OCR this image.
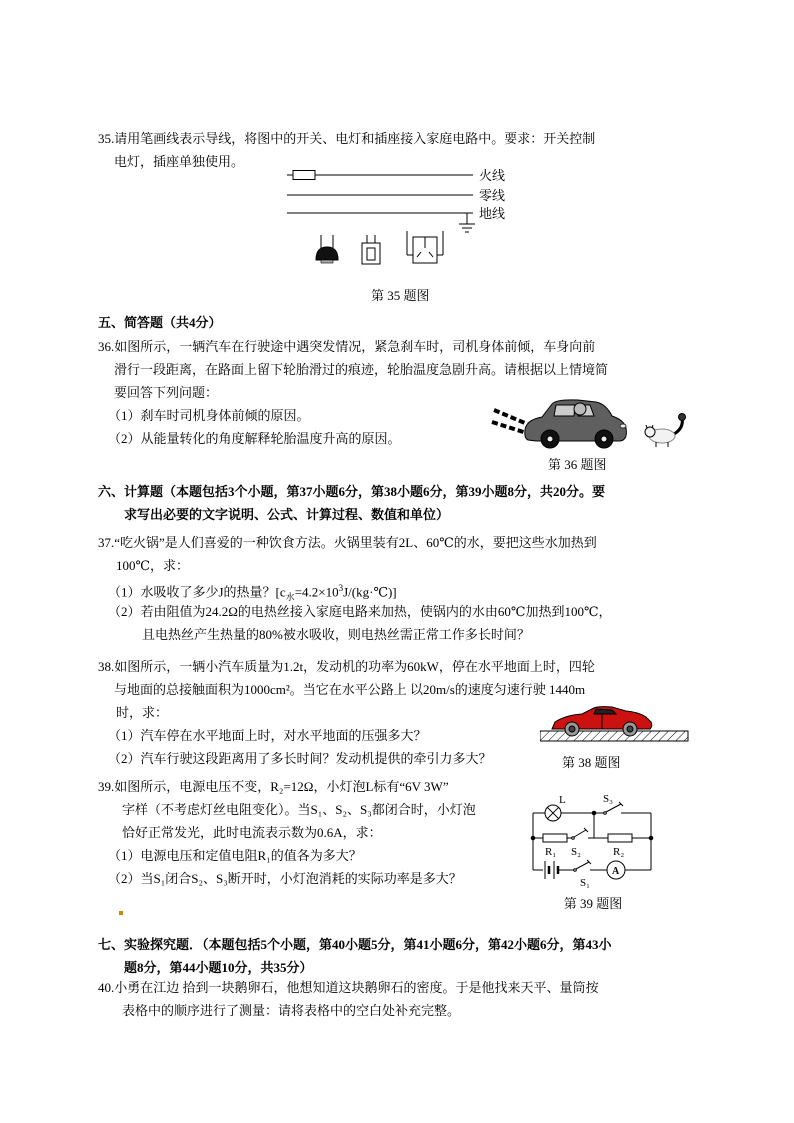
35.请用笔画线表示导线，将图中的开关、电灯和插座接入家庭电路中。要求：开关控制
电灯，插座单独使用。
火线
零线
地线
第 35 题图
五、简答题（共4分）
36.如图所示，一辆汽车在行驶途中遇突发情况，紧急刹车时，司机身体前倾，车身向前
滑行一段距离，在路面上留下轮胎滑过的痕迹，轮胎温度急剧升高。请根据以上情境简
要回答下列问题：
（1）刹车时司机身体前倾的原因。
（2）从能量转化的角度解释轮胎温度升高的原因。
第 36 题图
六、计算题（本题包括3个小题，第37小题6分，第38小题6分，第39小题8分，共20分。要
求写出必要的文字说明、公式、计算过程、数值和单位）
37.“吃火锅”是人们喜爱的一种饮食方法。火锅里装有2L、60℃的水，要把这些水加热到
100℃，求：
（1）水吸收了多少J的热量？$[c_水=4.2\times 10^3J/(kg\cdot℃)]$
（2）若由阻值为24.2Ω的电热丝接入家庭电路来加热，使锅内的水由60℃加热到100℃，
且电热丝产生热量的80%被水吸收，则电热丝需正常工作多长时间？
38.如图所示，一辆小汽车质量为1.2t，发动机的功率为60kW，停在水平地面上时，四轮
与地面的总接触面积为1000cm²。当它在水平公路上 以20m/s的速度匀速行驶 1440m
时，求：
（1）汽车停在水平地面上时，对水平地面的压强多大？
（2）汽车行驶这段距离用了多长时间？发动机提供的牵引力多大？	第 38 题图
39.如图所示，电源电压不变，R₂=12Ω，小灯泡L标有“6V 3W”
字样（不考虑灯丝电阻变化）。当S₁、S₂、S₃都闭合时，小灯泡
恰好正常发光，此时电流表示数为0.6A，求：
（1）电源电压和定值电阻R₁的值各为多大？
（2）当S₁闭合S₂、S₃断开时，小灯泡消耗的实际功率是多大？
L	S₃
R₁ S₂	R₂
S₁
A
第 39 题图
七、实验探究题．（本题包括5个小题，第40小题5分，第41小题6分，第42小题6分，第43小
题8分，第44小题10分，共35分）
40.小勇在江边 拾到一块鹅卵石，他想知道这块鹅卵石的密度。于是他找来天平、量筒按
表格中的顺序进行了测量：请将表格中的空白处补充完整。
